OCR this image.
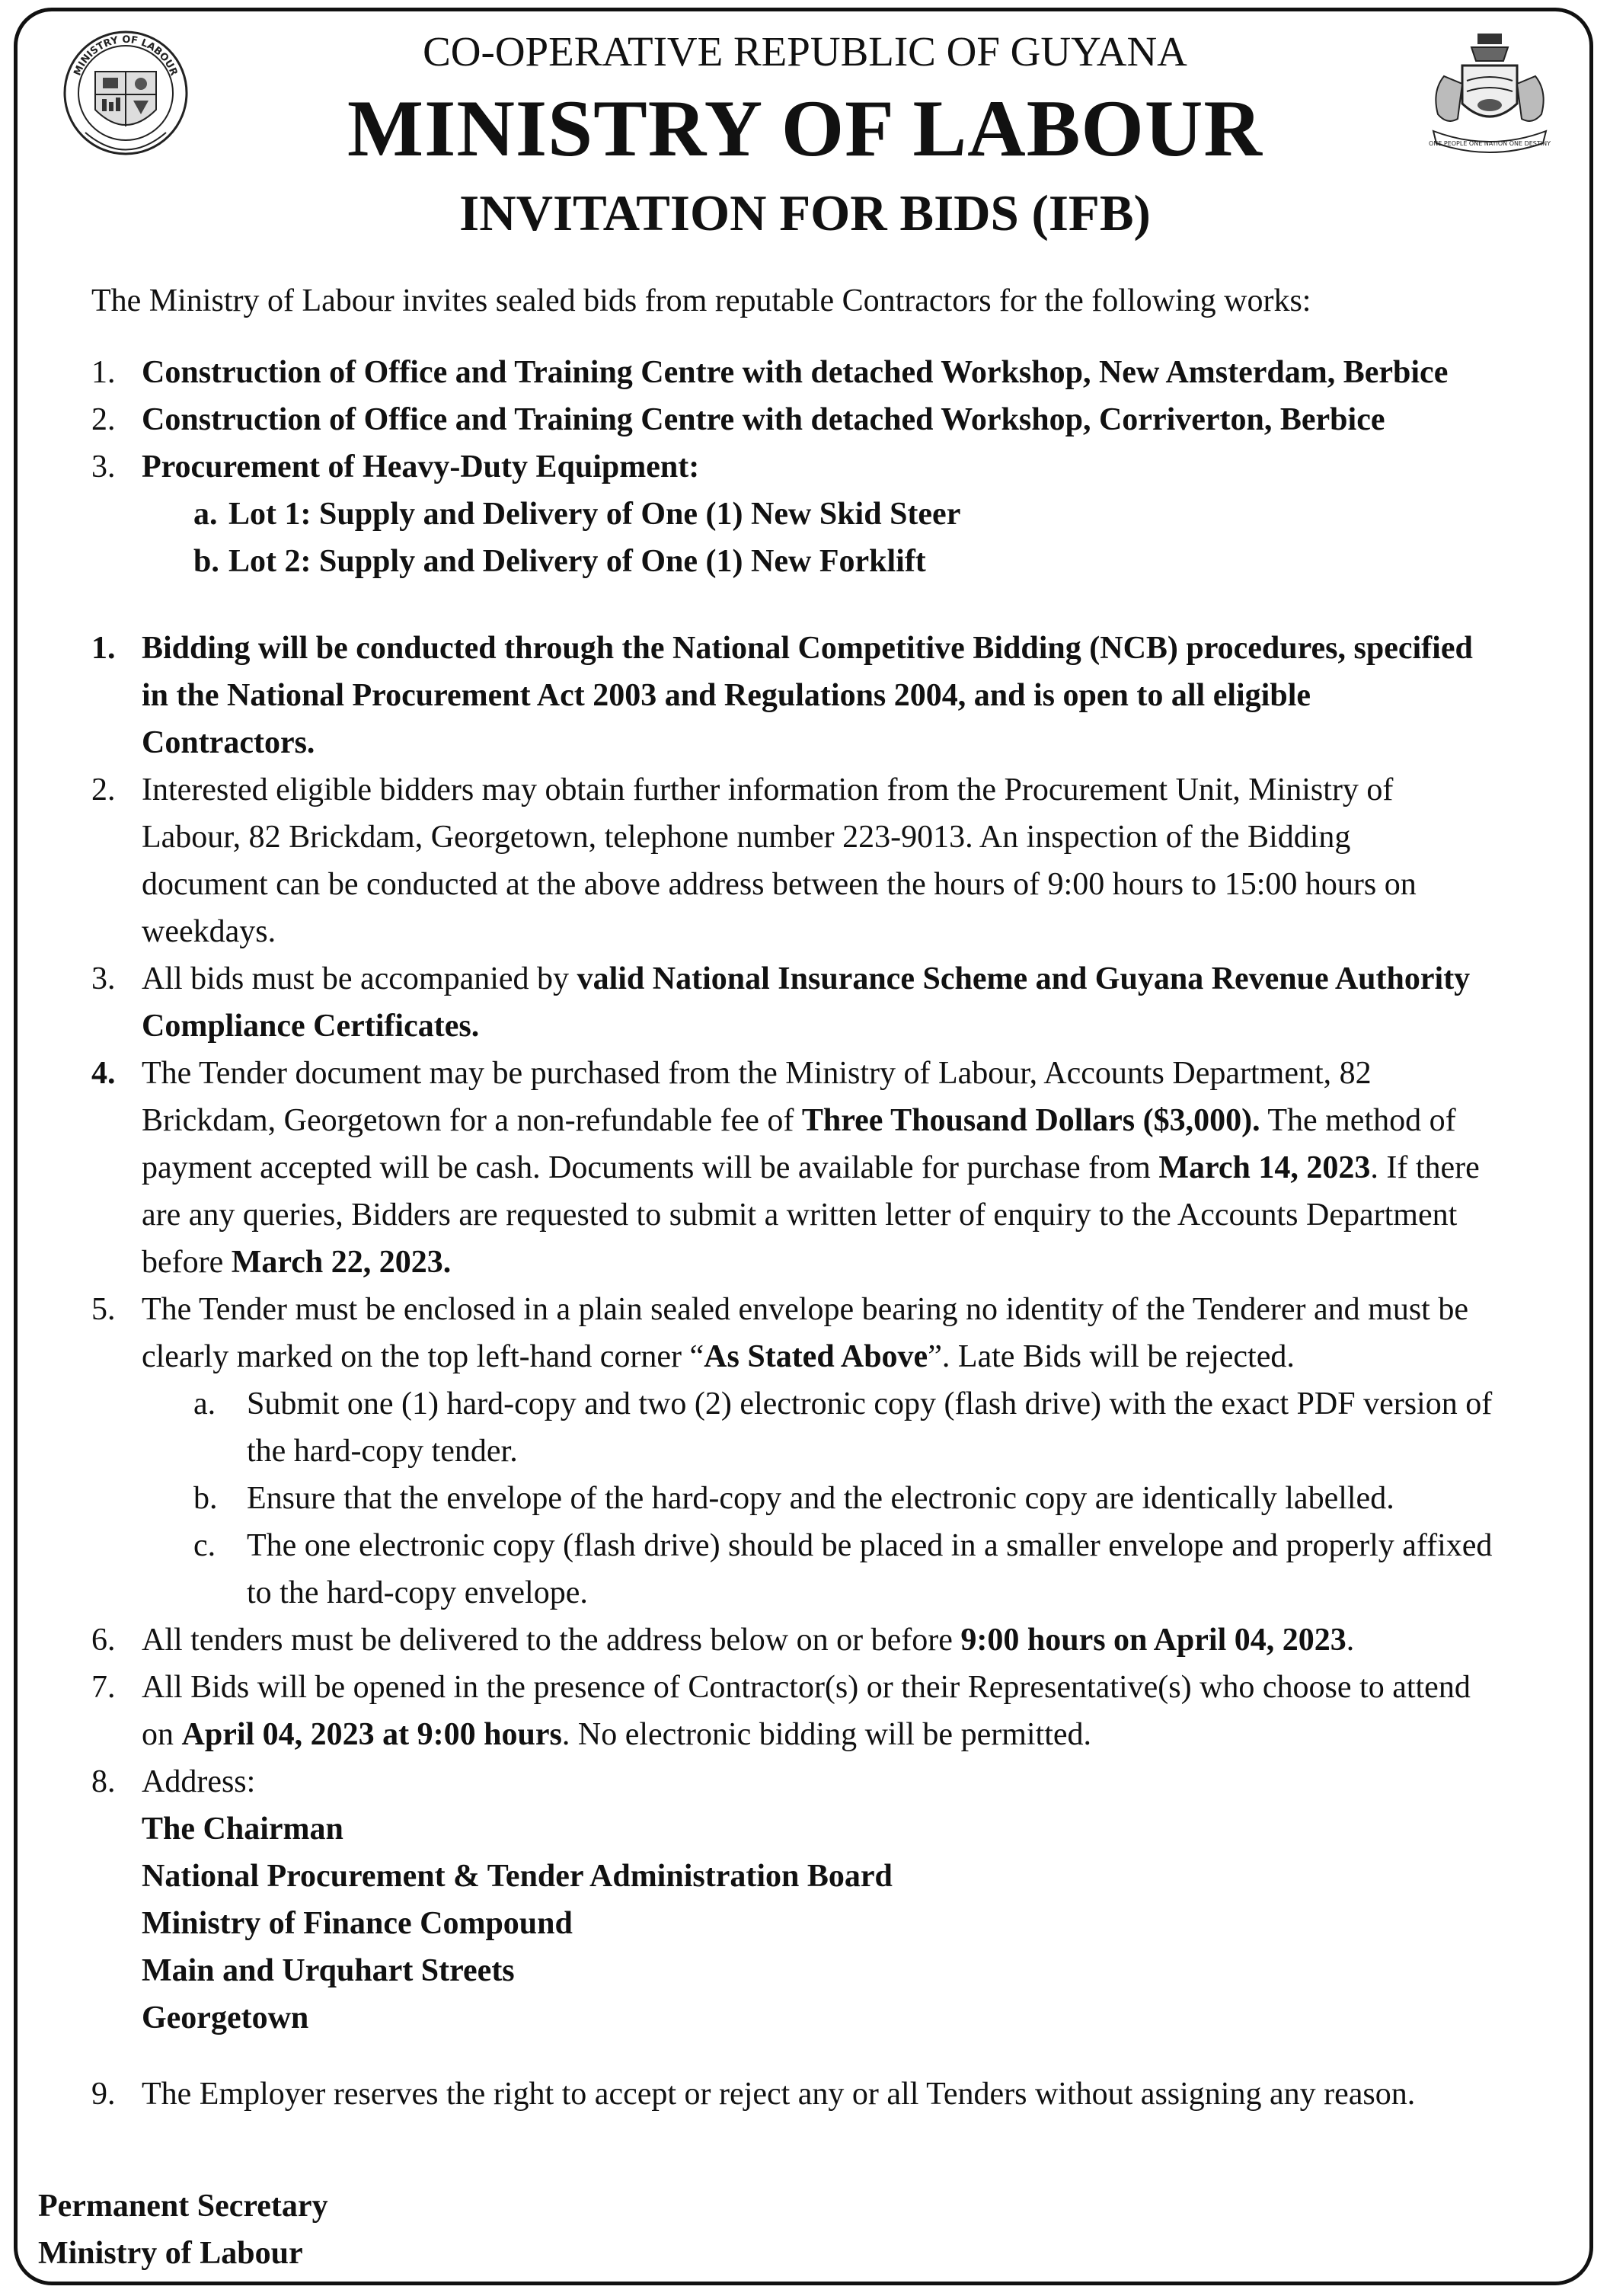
MINISTRY OF LABOUR
ONE PEOPLE ONE NATION ONE DESTINY
CO-OPERATIVE REPUBLIC OF GUYANA
MINISTRY OF LABOUR
INVITATION FOR BIDS (IFB)
The Ministry of Labour invites sealed bids from reputable Contractors for the following works:
1. Construction of Office and Training Centre with detached Workshop, New Amsterdam, Berbice
2. Construction of Office and Training Centre with detached Workshop, Corriverton, Berbice
3. Procurement of Heavy-Duty Equipment:
a. Lot 1: Supply and Delivery of One (1) New Skid Steer
b. Lot 2: Supply and Delivery of One (1) New Forklift
1. Bidding will be conducted through the National Competitive Bidding (NCB) procedures, specified
in the National Procurement Act 2003 and Regulations 2004, and is open to all eligible
Contractors.
2. Interested eligible bidders may obtain further information from the Procurement Unit, Ministry of
Labour, 82 Brickdam, Georgetown, telephone number 223-9013. An inspection of the Bidding
document can be conducted at the above address between the hours of 9:00 hours to 15:00 hours on
weekdays.
3. All bids must be accompanied by valid National Insurance Scheme and Guyana Revenue Authority
Compliance Certificates.
4. The Tender document may be purchased from the Ministry of Labour, Accounts Department, 82
Brickdam, Georgetown for a non-refundable fee of Three Thousand Dollars ($3,000). The method of
payment accepted will be cash. Documents will be available for purchase from March 14, 2023. If there
are any queries, Bidders are requested to submit a written letter of enquiry to the Accounts Department
before March 22, 2023.
5. The Tender must be enclosed in a plain sealed envelope bearing no identity of the Tenderer and must be
clearly marked on the top left-hand corner “As Stated Above”. Late Bids will be rejected.
a. Submit one (1) hard-copy and two (2) electronic copy (flash drive) with the exact PDF version of
the hard-copy tender.
b. Ensure that the envelope of the hard-copy and the electronic copy are identically labelled.
c. The one electronic copy (flash drive) should be placed in a smaller envelope and properly affixed
to the hard-copy envelope.
6. All tenders must be delivered to the address below on or before 9:00 hours on April 04, 2023.
7. All Bids will be opened in the presence of Contractor(s) or their Representative(s) who choose to attend
on April 04, 2023 at 9:00 hours. No electronic bidding will be permitted.
8. Address:
The Chairman
National Procurement & Tender Administration Board
Ministry of Finance Compound
Main and Urquhart Streets
Georgetown
9. The Employer reserves the right to accept or reject any or all Tenders without assigning any reason.
Permanent Secretary
Ministry of Labour
